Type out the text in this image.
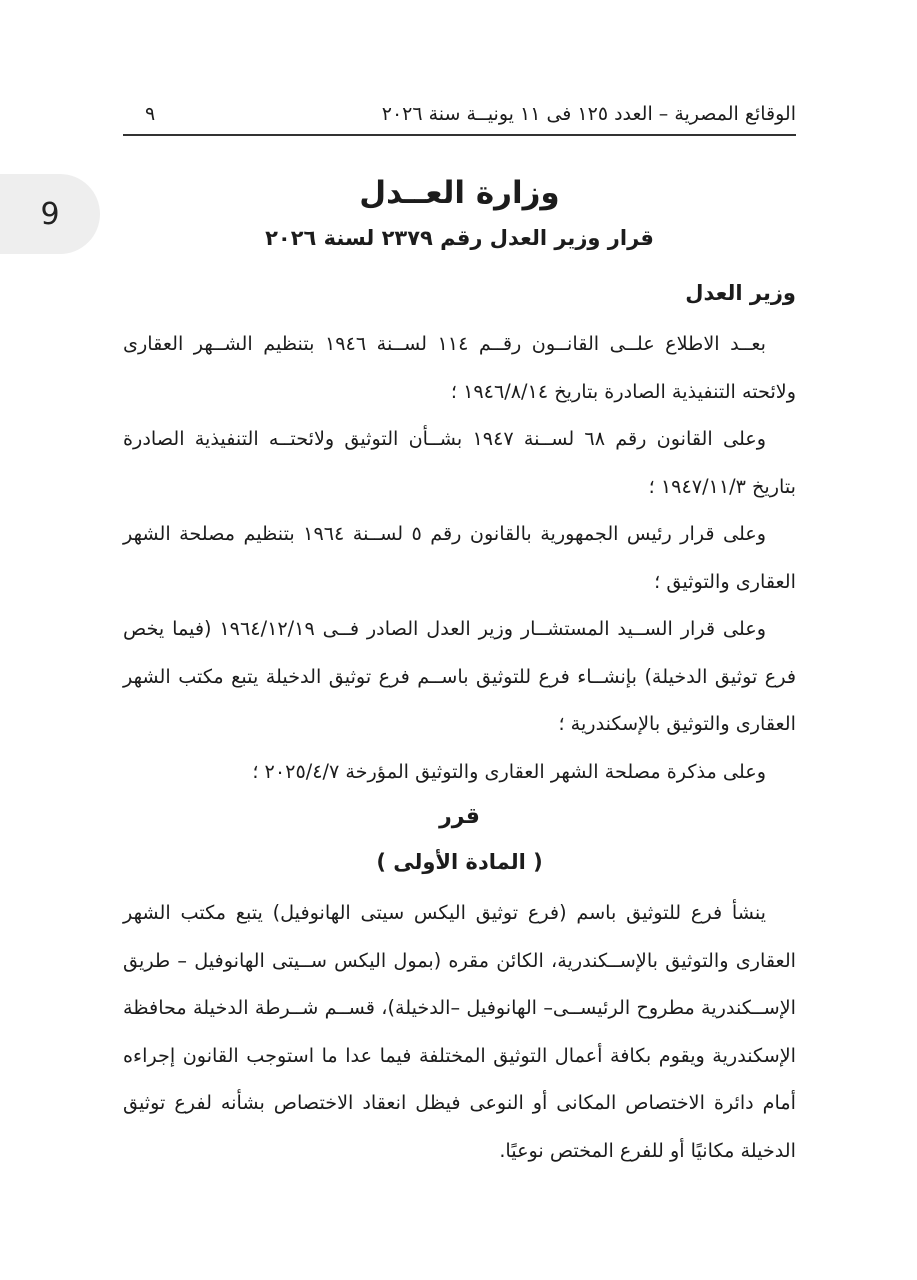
9
الوقائع المصرية – العدد ١٢٥ فى ١١ يونيــة سنة ٢٠٢٦
٩
وزارة العــدل
قرار وزير العدل رقم ٢٣٧٩ لسنة ٢٠٢٦
وزير العدل

بعــد الاطلاع علــى القانــون رقــم ١١٤ لســنة ١٩٤٦ بتنظيم الشــهر العقارى ولائحته التنفيذية الصادرة بتاريخ ١٩٤٦/٨/١٤ ؛

وعلى القانون رقم ٦٨ لســنة ١٩٤٧ بشــأن التوثيق ولائحتــه التنفيذية الصادرة بتاريخ ١٩٤٧/١١/٣ ؛

وعلى قرار رئيس الجمهورية بالقانون رقم ٥ لســنة ١٩٦٤ بتنظيم مصلحة الشهر العقارى والتوثيق ؛

وعلى قرار الســيد المستشــار وزير العدل الصادر فــى ١٩٦٤/١٢/١٩ (فيما يخص فرع توثيق الدخيلة) بإنشــاء فرع للتوثيق باســم فرع توثيق الدخيلة يتبع مكتب الشهر العقارى والتوثيق بالإسكندرية ؛

وعلى مذكرة مصلحة الشهر العقارى والتوثيق المؤرخة ٢٠٢٥/٤/٧ ؛

قرر
( المادة الأولى )

ينشأ فرع للتوثيق باسم (فرع توثيق اليكس سيتى الهانوفيل) يتبع مكتب الشهر العقارى والتوثيق بالإســكندرية، الكائن مقره (بمول اليكس ســيتى الهانوفيل – طريق الإســكندرية مطروح الرئيســى– الهانوفيل –الدخيلة)، قســم شــرطة الدخيلة محافظة الإسكندرية ويقوم بكافة أعمال التوثيق المختلفة فيما عدا ما استوجب القانون إجراءه أمام دائرة الاختصاص المكانى أو النوعى فيظل انعقاد الاختصاص بشأنه لفرع توثيق الدخيلة مكانيًا أو للفرع المختص نوعيًا.
